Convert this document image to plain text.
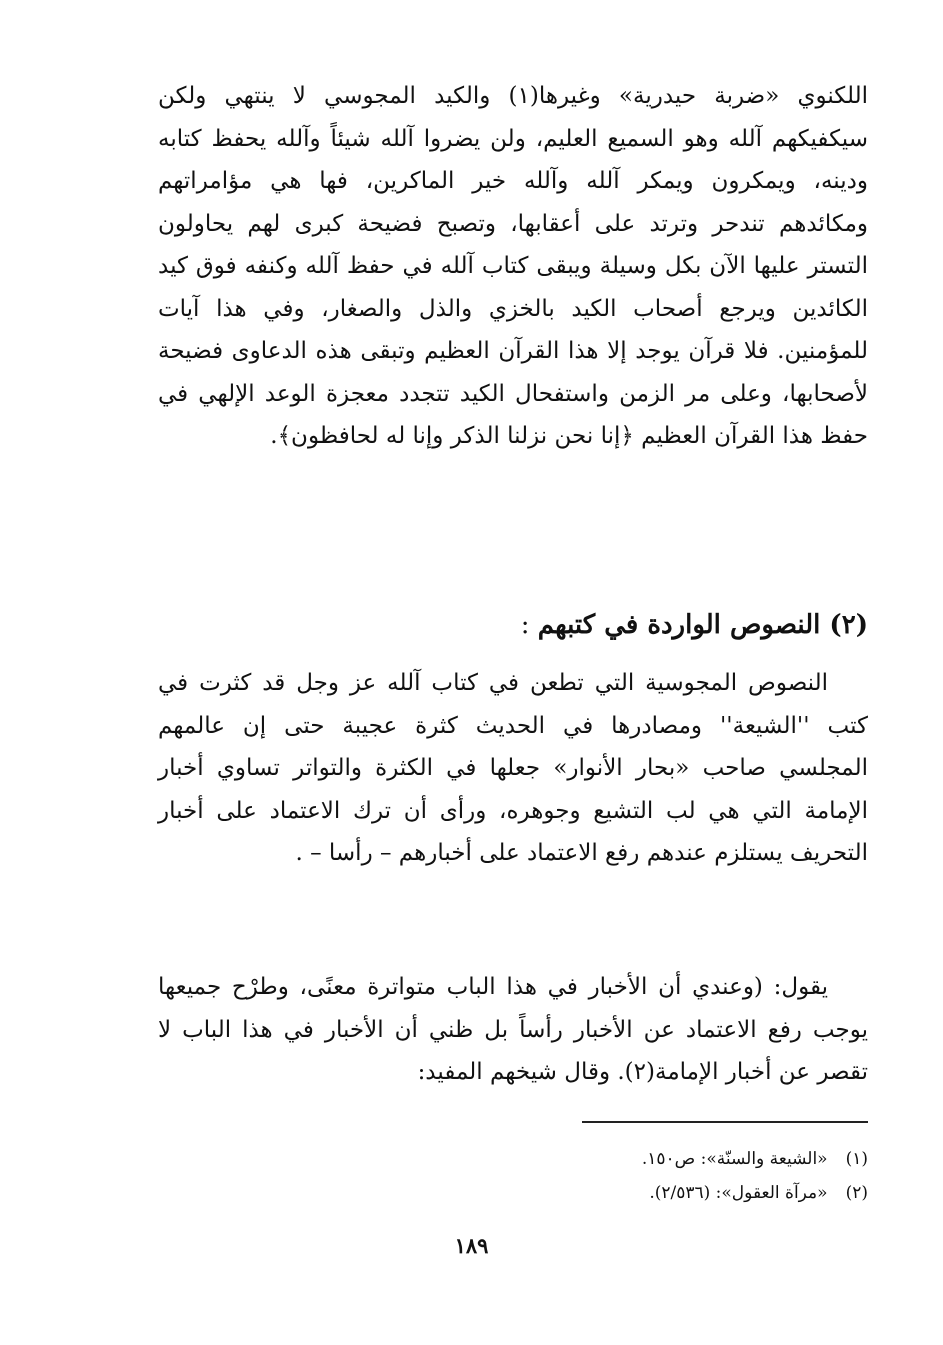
اللكنوي «ضربة حيدرية» وغيرها(١) والكيد المجوسي لا ينتهي ولكن سيكفيكهم آلله وهو السميع العليم، ولن يضروا آلله شيئاً وآلله يحفظ كتابه ودينه، ويمكرون ويمكر آلله وآلله خير الماكرين، فها هي مؤامراتهم ومكائدهم تندحر وترتد على أعقابها، وتصبح فضيحة كبرى لهم يحاولون التستر عليها الآن بكل وسيلة ويبقى كتاب آلله في حفظ آلله وكنفه فوق كيد الكائدين ويرجع أصحاب الكيد بالخزي والذل والصغار، وفي هذا آيات للمؤمنين. فلا قرآن يوجد إلا هذا القرآن العظيم وتبقى هذه الدعاوى فضيحة لأصحابها، وعلى مر الزمن واستفحال الكيد تتجدد معجزة الوعد الإلهي في حفظ هذا القرآن العظيم ﴿إنا نحن نزلنا الذكر وإنا له لحافظون﴾.

(٢) النصوص الواردة في كتبهم :

النصوص المجوسية التي تطعن في كتاب آلله عز وجل قد كثرت في كتب ''الشيعة'' ومصادرها في الحديث كثرة عجيبة حتى إن عالمهم المجلسي صاحب «بحار الأنوار» جعلها في الكثرة والتواتر تساوي أخبار الإمامة التي هي لب التشيع وجوهره، ورأى أن ترك الاعتماد على أخبار التحريف يستلزم عندهم رفع الاعتماد على أخبارهم – رأسا – .

يقول: (وعندي أن الأخبار في هذا الباب متواترة معنًى، وطرْح جميعها يوجب رفع الاعتماد عن الأخبار رأساً بل ظني أن الأخبار في هذا الباب لا تقصر عن أخبار الإمامة(٢). وقال شيخهم المفيد:

(١)«الشيعة والسنّة»: ص١٥٠.
(٢)«مرآة العقول»: (٢/٥٣٦).
١٨٩
